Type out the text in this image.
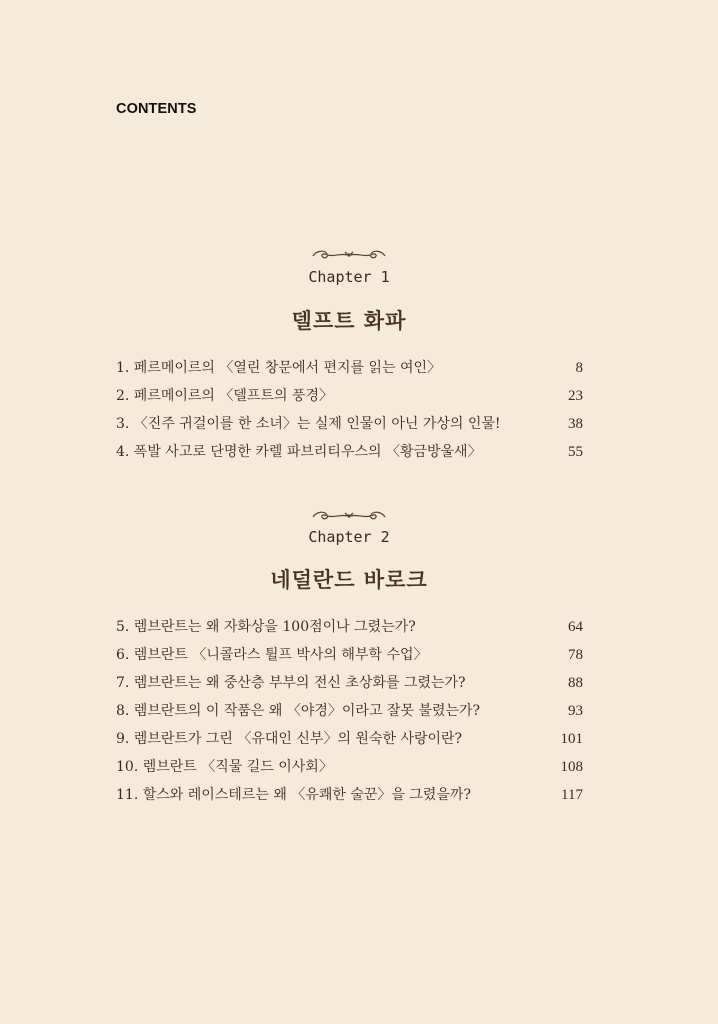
CONTENTS
Chapter 1
델프트 화파
1. 페르메이르의 〈열린 창문에서 편지를 읽는 여인〉	8
2. 페르메이르의 〈델프트의 풍경〉	23
3. 〈진주 귀걸이를 한 소녀〉는 실제 인물이 아닌 가상의 인물!	38
4. 폭발 사고로 단명한 카렐 파브리티우스의 〈황금방울새〉	55
Chapter 2
네덜란드 바로크
5. 렘브란트는 왜 자화상을 100점이나 그렸는가?	64
6. 렘브란트 〈니콜라스 튈프 박사의 해부학 수업〉	78
7. 렘브란트는 왜 중산층 부부의 전신 초상화를 그렸는가?	88
8. 렘브란트의 이 작품은 왜 〈야경〉이라고 잘못 불렸는가?	93
9. 렘브란트가 그린 〈유대인 신부〉의 원숙한 사랑이란?	101
10. 렘브란트 〈직물 길드 이사회〉	108
11. 할스와 레이스테르는 왜 〈유쾌한 술꾼〉을 그렸을까?	117
